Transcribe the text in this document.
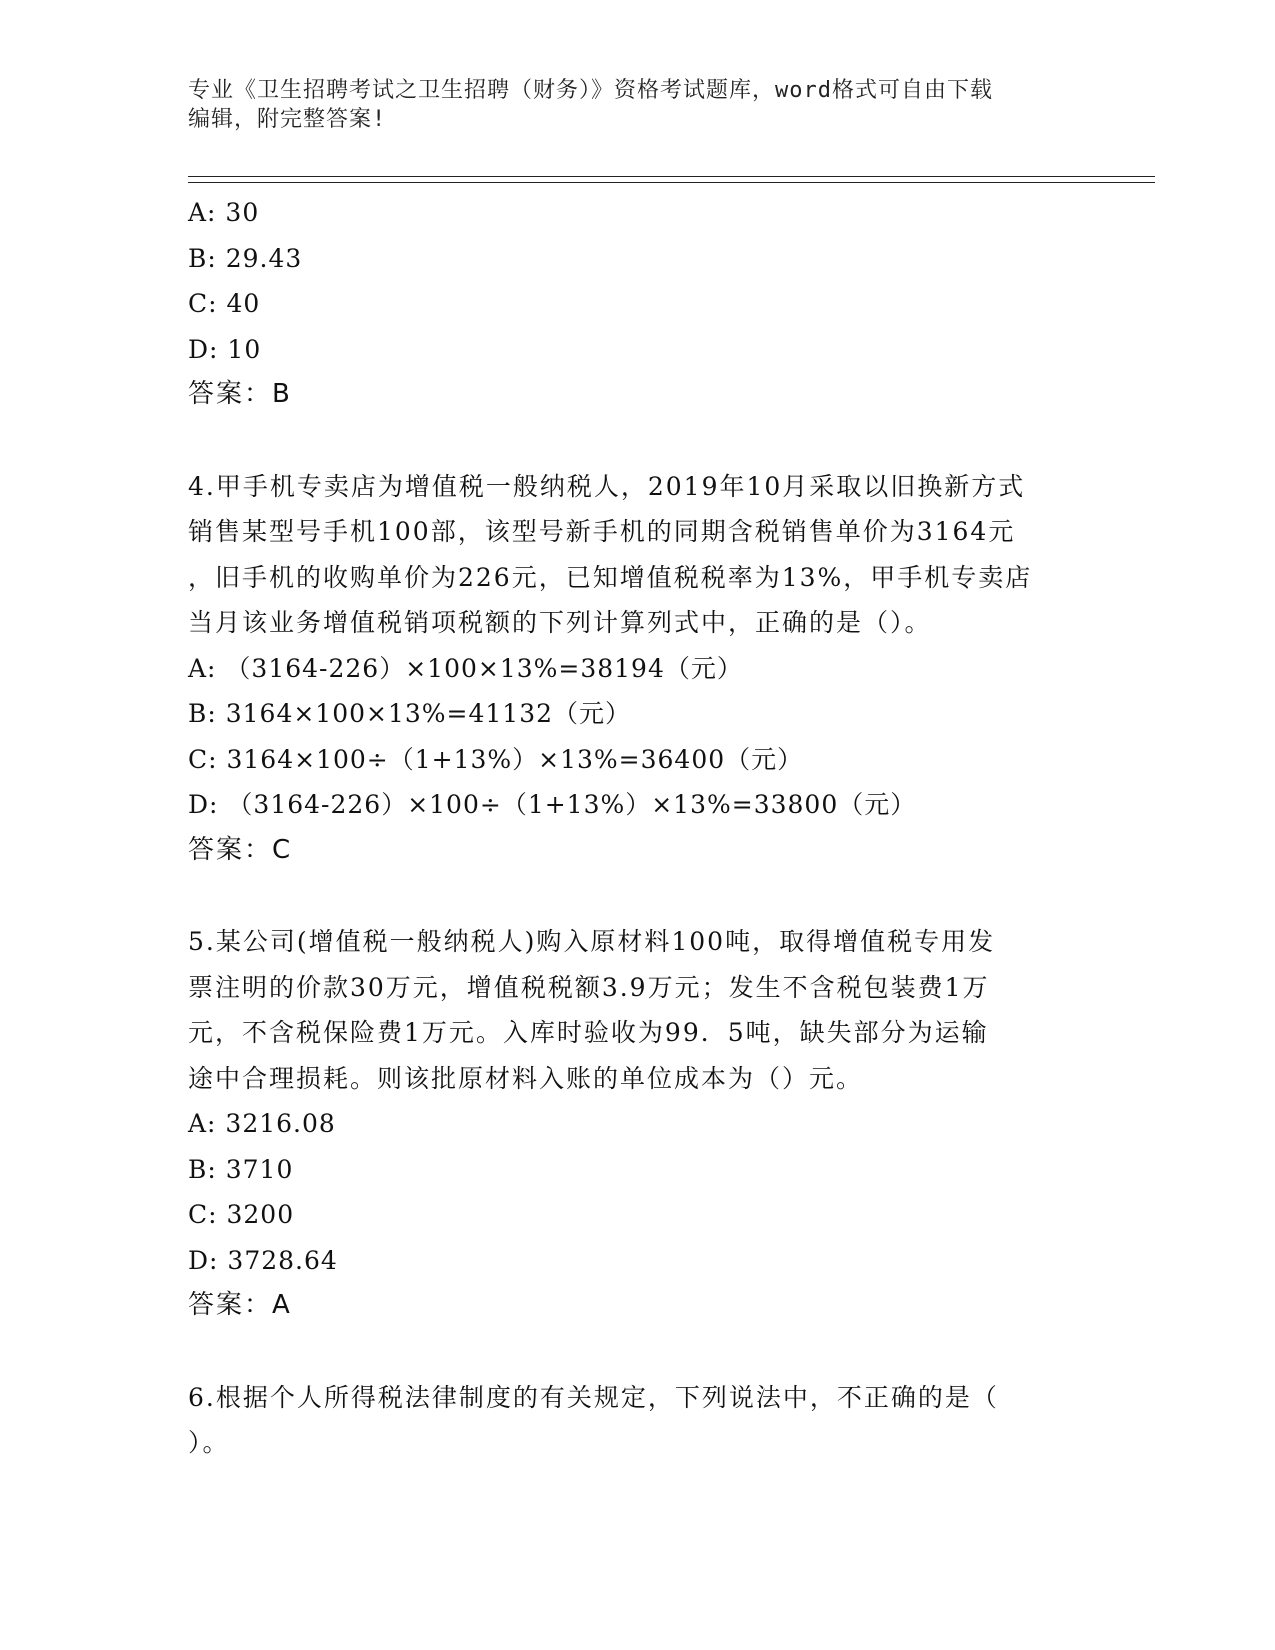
专业《卫生招聘考试之卫生招聘（财务）》资格考试题库，word格式可自由下载
编辑，附完整答案!
A: 30
B: 29.43
C: 40
D: 10
答案：B
4.甲手机专卖店为增值税一般纳税人，2019年10月采取以旧换新方式
销售某型号手机100部，该型号新手机的同期含税销售单价为3164元
，旧手机的收购单价为226元，已知增值税税率为13%，甲手机专卖店
当月该业务增值税销项税额的下列计算列式中，正确的是（）。
A: （3164-226）×100×13%=38194（元）
B: 3164×100×13%=41132（元）
C: 3164×100÷（1+13%）×13%=36400（元）
D: （3164-226）×100÷（1+13%）×13%=33800（元）
答案：C
5.某公司(增值税一般纳税人)购入原材料100吨，取得增值税专用发
票注明的价款30万元，增值税税额3.9万元；发生不含税包装费1万
元，不含税保险费1万元。入库时验收为99．5吨，缺失部分为运输
途中合理损耗。则该批原材料入账的单位成本为（）元。
A: 3216.08
B: 3710
C: 3200
D: 3728.64
答案：A
6.根据个人所得税法律制度的有关规定，下列说法中，不正确的是（
）。
